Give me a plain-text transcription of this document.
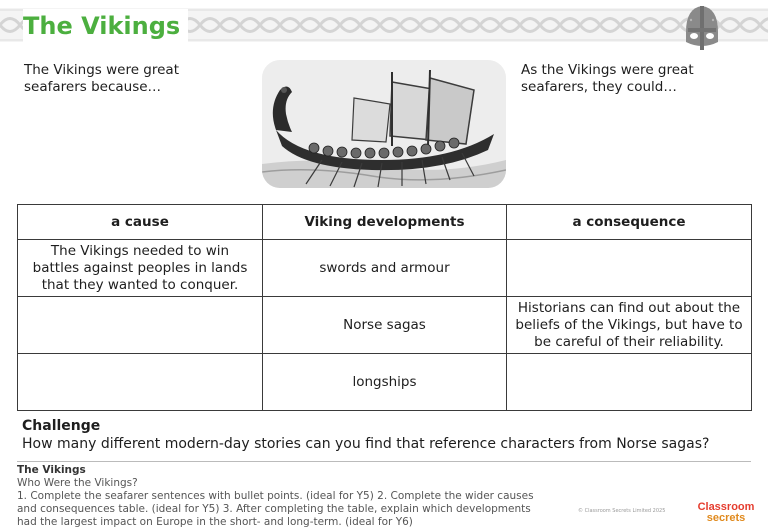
The Vikings
The Vikings were great seafarers because…
As the Vikings were great seafarers, they could…
a cause	Viking developments	a consequence
The Vikings needed to win battles against peoples in lands that they wanted to conquer.	swords and armour	
	Norse sagas	Historians can find out about the beliefs of the Vikings, but have to be careful of their reliability.
	longships	
Challenge
How many different modern-day stories can you find that reference characters from Norse sagas?
The Vikings
Who Were the Vikings?
1. Complete the seafarer sentences with bullet points. (ideal for Y5) 2. Complete the wider causes and consequences table. (ideal for Y5) 3. After completing the table, explain which developments had the largest impact on Europe in the short- and long-term. (ideal for Y6)
© Classroom Secrets Limited 2025	Classroom
secrets
